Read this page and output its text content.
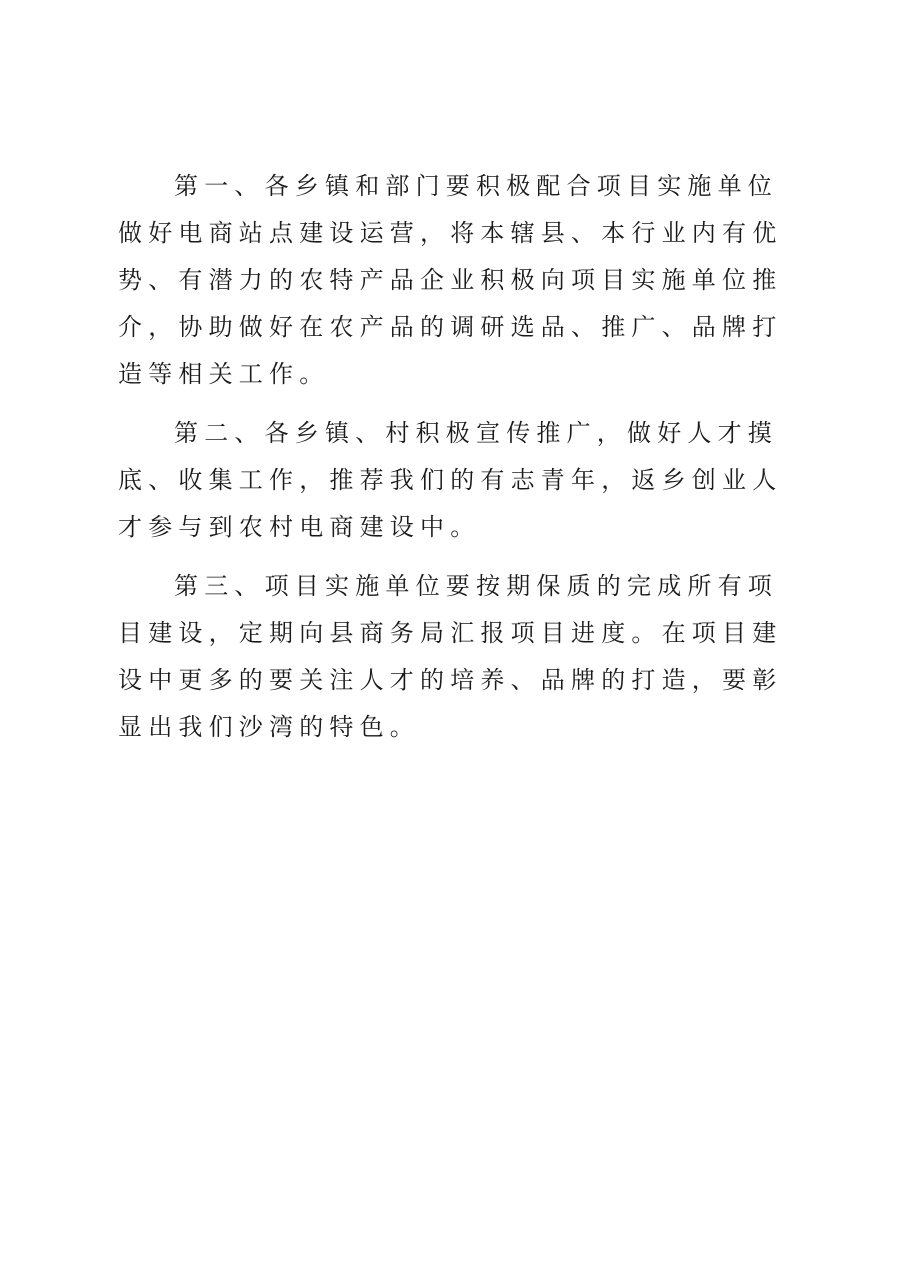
第一、各乡镇和部门要积极配合项目实施单位做好电商站点建设运营，将本辖县、本行业内有优势、有潜力的农特产品企业积极向项目实施单位推介，协助做好在农产品的调研选品、推广、品牌打造等相关工作。

第二、各乡镇、村积极宣传推广，做好人才摸底、收集工作，推荐我们的有志青年，返乡创业人才参与到农村电商建设中。

第三、项目实施单位要按期保质的完成所有项目建设，定期向县商务局汇报项目进度。在项目建设中更多的要关注人才的培养、品牌的打造，要彰显出我们沙湾的特色。
